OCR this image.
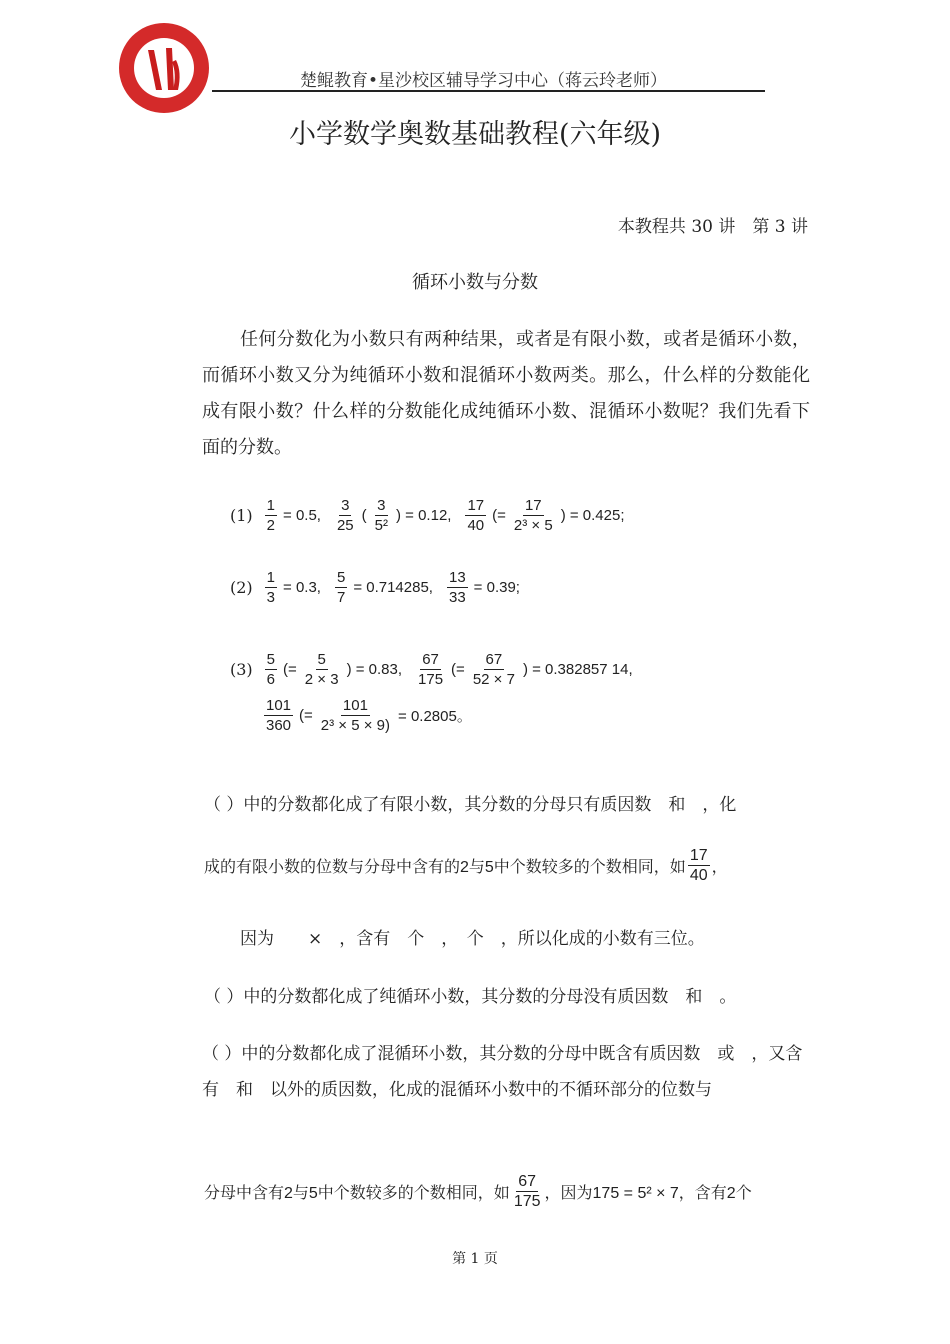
楚鲲教育•星沙校区辅导学习中心（蒋云玲老师）
小学数学奥数基础教程(六年级)
本教程共 30 讲　第 3 讲
循环小数与分数
任何分数化为小数只有两种结果，或者是有限小数，或者是循环小数，而循环小数又分为纯循环小数和混循环小数两类。那么，什么样的分数能化成有限小数？什么样的分数能化成纯循环小数、混循环小数呢？我们先看下面的分数。
$(1) \frac{1}{2} = 0.5$, $\frac{3}{25}$ ( $\frac{3}{\text{5²}}$ ) = 0.12, $\frac{17}{40}$ (= $\frac{17}{\text{2³ × 5}}$ ) = 0.425;
$(2) \frac{1}{3} = 0.3$, $\frac{5}{7} = 0.714285$, $\frac{13}{33} = 0.39$;
$(3) \frac{5}{6}$ (= $\frac{5}{2 \times 3}$ ) = 0.83, $\frac{67}{175}$ (= $\frac{67}{52 \times 7}$ ) = 0.382857 14,
$\frac{101}{360}$ (= $\frac{101}{\text{2³ × 5 × 9)}} = 0.2805$。
（ ）中的分数都化成了有限小数，其分数的分母只有质因数　和　，化
成的有限小数的位数与分母中含有的2与5中个数较多的个数相同，如 $\frac{17}{40}$ ，
因为　　×　，含有　个　，　个　，所以化成的小数有三位。
（ ）中的分数都化成了纯循环小数，其分数的分母没有质因数　和　。
（ ）中的分数都化成了混循环小数，其分数的分母中既含有质因数　或　，又含有　和　以外的质因数，化成的混循环小数中的不循环部分的位数与
分母中含有2与5中个数较多的个数相同，如 $\frac{67}{175}$ ，因为175 = 5² × 7，含有2个
第 1 页
